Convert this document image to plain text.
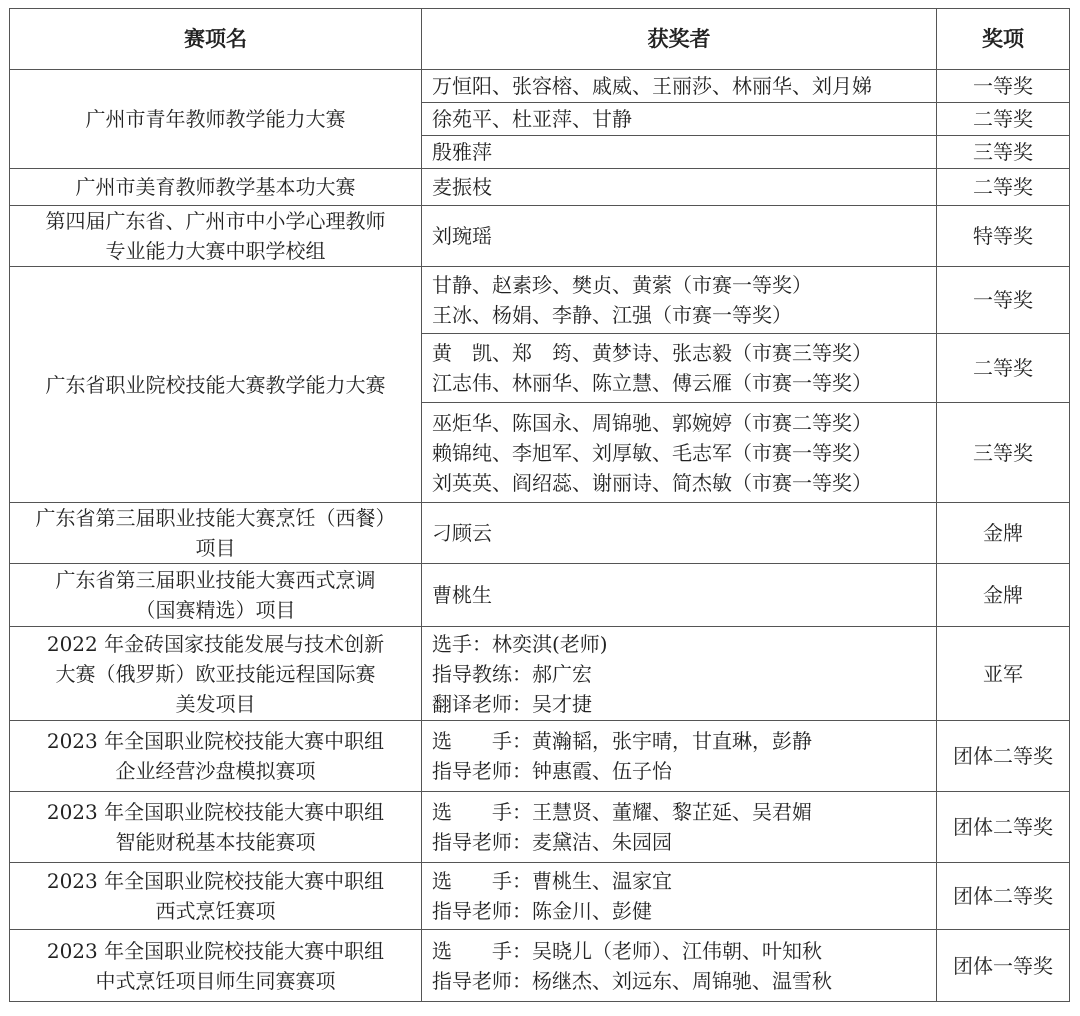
赛项名	获奖者	奖项

广州市青年教师教学能力大赛	万恒阳、张容榕、戚威、王丽莎、林丽华、刘月娣	一等奖

	徐苑平、杜亚萍、甘静	二等奖

	殷雅萍	三等奖

广州市美育教师教学基本功大赛	麦振枝	二等奖

第四届广东省、广州市中小学心理教师
专业能力大赛中职学校组	刘琬瑶	特等奖

广东省职业院校技能大赛教学能力大赛	甘静、赵素珍、樊贞、黄萦（市赛一等奖）
王冰、杨娟、李静、江强（市赛一等奖）	一等奖

	黄　凯、郑　筠、黄梦诗、张志毅（市赛三等奖）
江志伟、林丽华、陈立慧、傅云雁（市赛一等奖）	二等奖

	巫炬华、陈国永、周锦驰、郭婉婷（市赛二等奖）
赖锦纯、李旭军、刘厚敏、毛志军（市赛一等奖）
刘英英、阎绍蕊、谢丽诗、简杰敏（市赛一等奖）	三等奖

广东省第三届职业技能大赛烹饪（西餐）
项目	刁顾云	金牌

广东省第三届职业技能大赛西式烹调
（国赛精选）项目	曹桃生	金牌

2022 年金砖国家技能发展与技术创新
大赛（俄罗斯）欧亚技能远程国际赛
美发项目	选手：林奕淇(老师)
指导教练：郝广宏
翻译老师：吴才捷	亚军

2023 年全国职业院校技能大赛中职组
企业经营沙盘模拟赛项	选　　手：黄瀚韬，张宇晴，甘直琳，彭静
指导老师：钟惠霞、伍子怡	团体二等奖

2023 年全国职业院校技能大赛中职组
智能财税基本技能赛项	选　　手：王慧贤、董耀、黎芷延、吴君媚
指导老师：麦黛洁、朱园园	团体二等奖

2023 年全国职业院校技能大赛中职组
西式烹饪赛项	选　　手：曹桃生、温家宜
指导老师：陈金川、彭健	团体二等奖

2023 年全国职业院校技能大赛中职组
中式烹饪项目师生同赛赛项	选　　手：吴晓儿（老师）、江伟朝、叶知秋
指导老师：杨继杰、刘远东、周锦驰、温雪秋	团体一等奖
